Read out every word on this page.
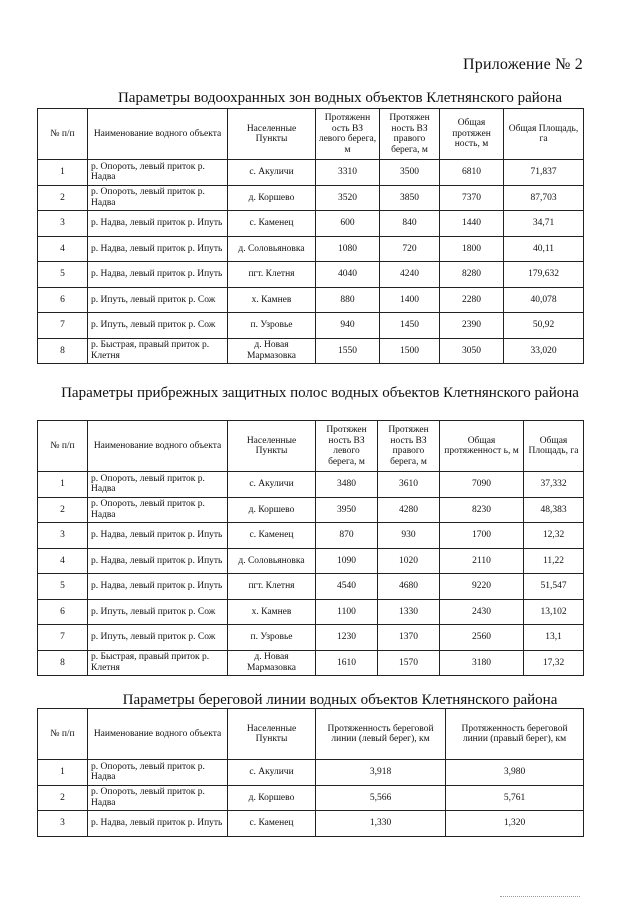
Приложение № 2
Параметры водоохранных зон водных объектов Клетнянского района
№ п/п	Наименование водного объекта	Населенные Пункты	Протяженн ость ВЗ левого берега, м	Протяжен ность ВЗ правого берега, м	Общая протяжен ность, м	Общая Площадь, га
1	р. Опороть, левый приток р. Надва	с. Акуличи	3310	3500	6810	71,837
2	р. Опороть, левый приток р. Надва	д. Коршево	3520	3850	7370	87,703
3	р. Надва, левый приток р. Ипуть	с. Каменец	600	840	1440	34,71
4	р. Надва, левый приток р. Ипуть	д. Соловьяновка	1080	720	1800	40,11
5	р. Надва, левый приток р. Ипуть	пгт. Клетня	4040	4240	8280	179,632
6	р. Ипуть, левый приток р. Сож	х. Камнев	880	1400	2280	40,078
7	р. Ипуть, левый приток р. Сож	п. Узровье	940	1450	2390	50,92
8	р. Быстрая, правый приток р. Клетня	д. Новая Мармазовка	1550	1500	3050	33,020
Параметры прибрежных защитных полос водных объектов Клетнянского района
№ п/п	Наименование водного объекта	Населенные Пункты	Протяжен ность ВЗ левого берега, м	Протяжен ность ВЗ правого берега, м	Общая протяженност ь, м	Общая Площадь, га
1	р. Опороть, левый приток р. Надва	с. Акуличи	3480	3610	7090	37,332
2	р. Опороть, левый приток р. Надва	д. Коршево	3950	4280	8230	48,383
3	р. Надва, левый приток р. Ипуть	с. Каменец	870	930	1700	12,32
4	р. Надва, левый приток р. Ипуть	д. Соловьяновка	1090	1020	2110	11,22
5	р. Надва, левый приток р. Ипуть	пгт. Клетня	4540	4680	9220	51,547
6	р. Ипуть, левый приток р. Сож	х. Камнев	1100	1330	2430	13,102
7	р. Ипуть, левый приток р. Сож	п. Узровье	1230	1370	2560	13,1
8	р. Быстрая, правый приток р. Клетня	д. Новая Мармазовка	1610	1570	3180	17,32
Параметры береговой линии водных объектов Клетнянского района
№ п/п	Наименование водного объекта	Населенные Пункты	Протяженность береговой линии (левый берег), км	Протяженность береговой линии (правый берег), км
1	р. Опороть, левый приток р. Надва	с. Акуличи	3,918	3,980
2	р. Опороть, левый приток р. Надва	д. Коршево	5,566	5,761
3	р. Надва, левый приток р. Ипуть	с. Каменец	1,330	1,320
